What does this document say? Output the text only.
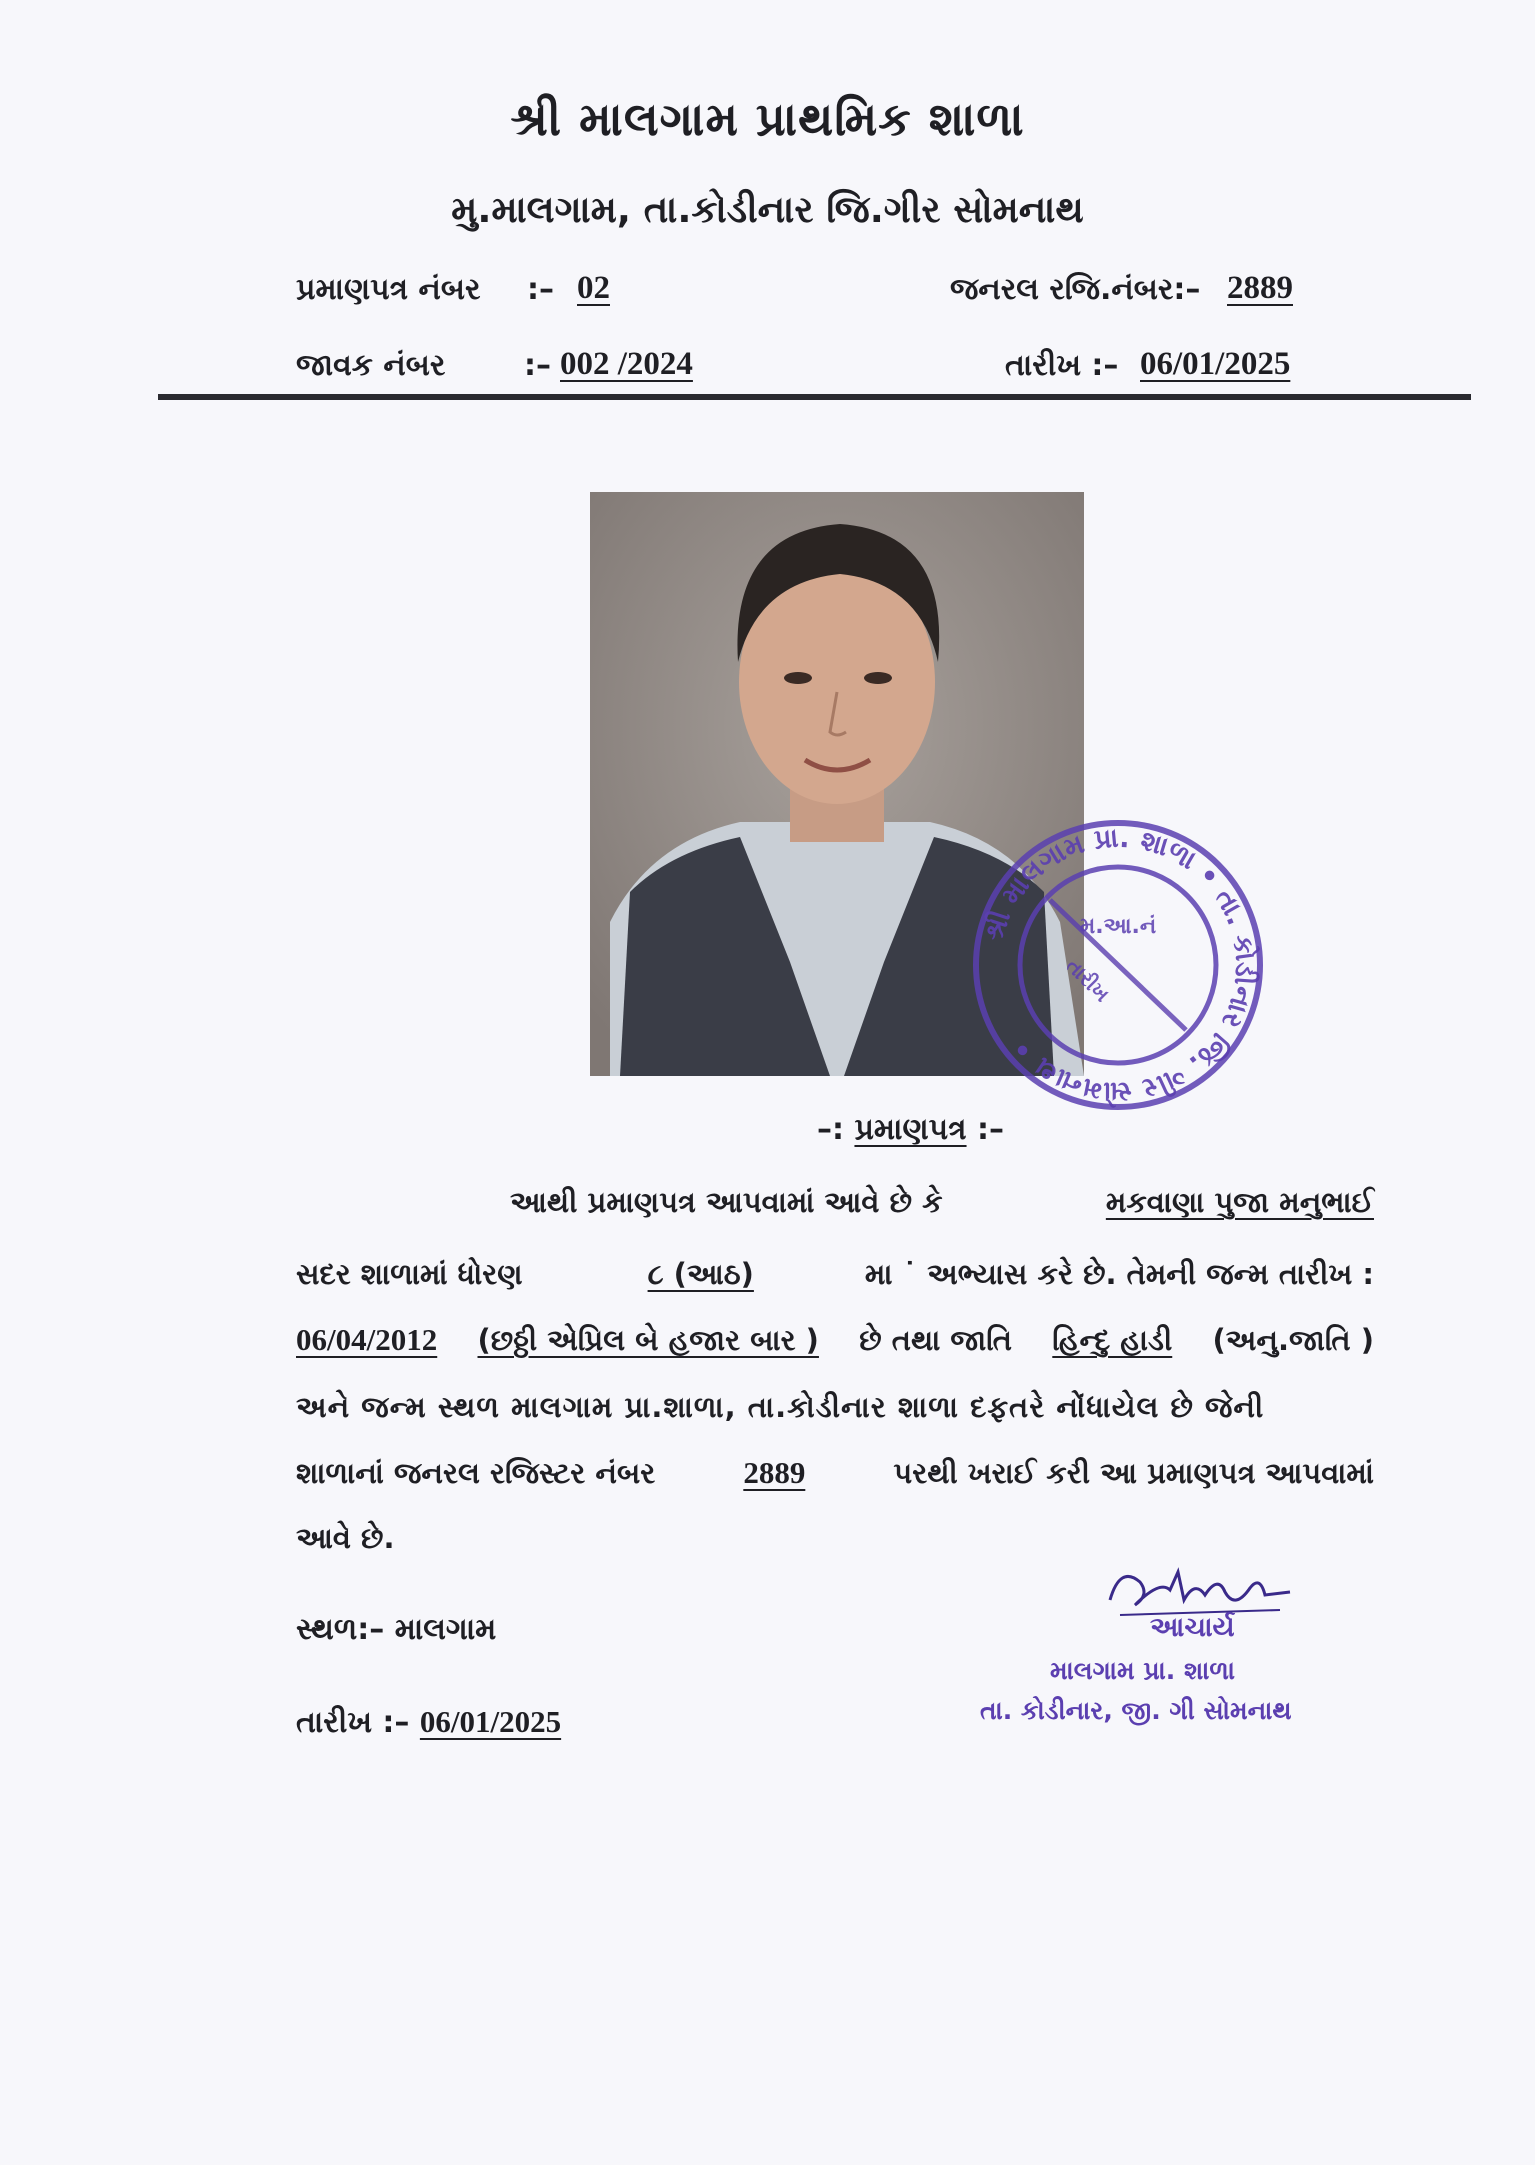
શ્રી માલગામ પ્રાથમિક શાળા
મુ.માલગામ, તા.કોડીનાર જિ.ગીર સોમનાથ
પ્રમાણપત્ર નંબર :– 02	જનરલ રજિ.નંબર:– 2889
જાવક નંબર	:– 002 /2024	તારીખ :– 06/01/2025
શ્રી માલગામ પ્રા. શાળા • તા. કોડીનાર જિ. ગીર સોમનાથ •
મ.આ.નં
તારીખ
–: પ્રમાણપત્ર :–
આથી પ્રમાણપત્ર આપવામાં આવે છે કે	મકવાણા પુજા મનુભાઈ
સદર શાળામાં ધોરણ	૮ (આઠ)	મા ˙ અભ્યાસ કરે છે. તેમની જન્મ તારીખ :
06/04/2012 (છઠ્ઠી એપ્રિલ બે હજાર બાર ) છે તથા જાતિ હિન્દુ હાડી (અનુ.જાતિ )
અને જન્મ સ્થળ માલગામ પ્રા.શાળા, તા.કોડીનાર શાળા દફતરે નોંધાયેલ છે જેની
શાળાનાં જનરલ રજિસ્ટર નંબર	2889	પરથી ખરાઈ કરી આ પ્રમાણપત્ર આપવામાં
આવે છે.
સ્થળ:– માલગામ
તારીખ :– 06/01/2025
આચાર્ય
માલગામ પ્રા. શાળા
તા. કોડીનાર, જી. ગી સોમનાથ
